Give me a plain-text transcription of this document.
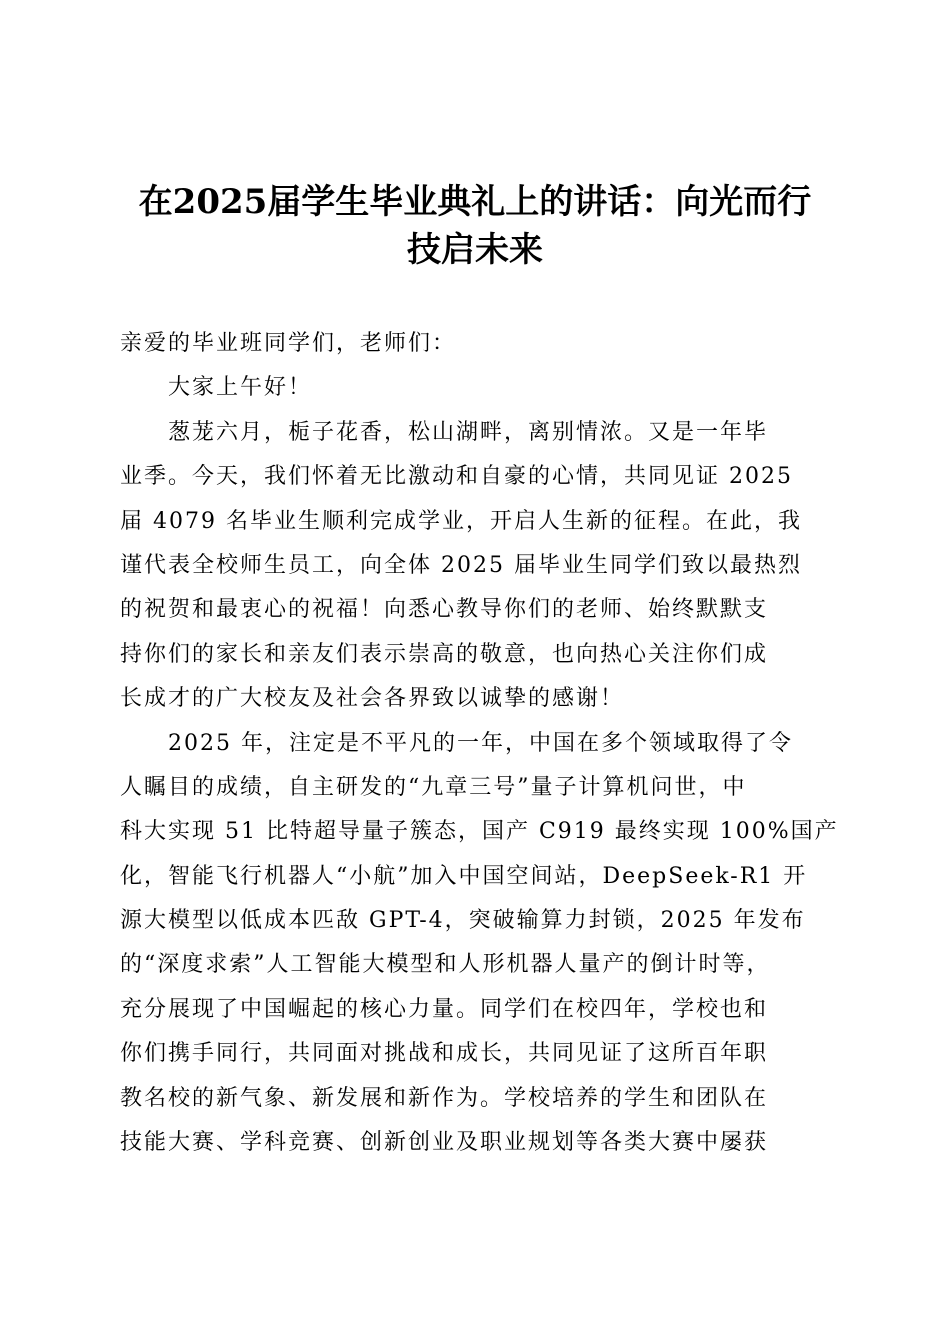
在2025届学生毕业典礼上的讲话：向光而行
技启未来
亲爱的毕业班同学们，老师们：
大家上午好！
葱茏六月，栀子花香，松山湖畔，离别情浓。又是一年毕
业季。今天，我们怀着无比激动和自豪的心情，共同见证 2025
届 4079 名毕业生顺利完成学业，开启人生新的征程。在此，我
谨代表全校师生员工，向全体 2025 届毕业生同学们致以最热烈
的祝贺和最衷心的祝福！向悉心教导你们的老师、始终默默支
持你们的家长和亲友们表示崇高的敬意，也向热心关注你们成
长成才的广大校友及社会各界致以诚挚的感谢！
2025 年，注定是不平凡的一年，中国在多个领域取得了令
人瞩目的成绩，自主研发的“九章三号”量子计算机问世，中
科大实现 51 比特超导量子簇态，国产 C919 最终实现 100%国产
化，智能飞行机器人“小航”加入中国空间站，DeepSeek-R1 开
源大模型以低成本匹敌 GPT-4，突破输算力封锁，2025 年发布
的“深度求索”人工智能大模型和人形机器人量产的倒计时等，
充分展现了中国崛起的核心力量。同学们在校四年，学校也和
你们携手同行，共同面对挑战和成长，共同见证了这所百年职
教名校的新气象、新发展和新作为。学校培养的学生和团队在
技能大赛、学科竞赛、创新创业及职业规划等各类大赛中屡获
